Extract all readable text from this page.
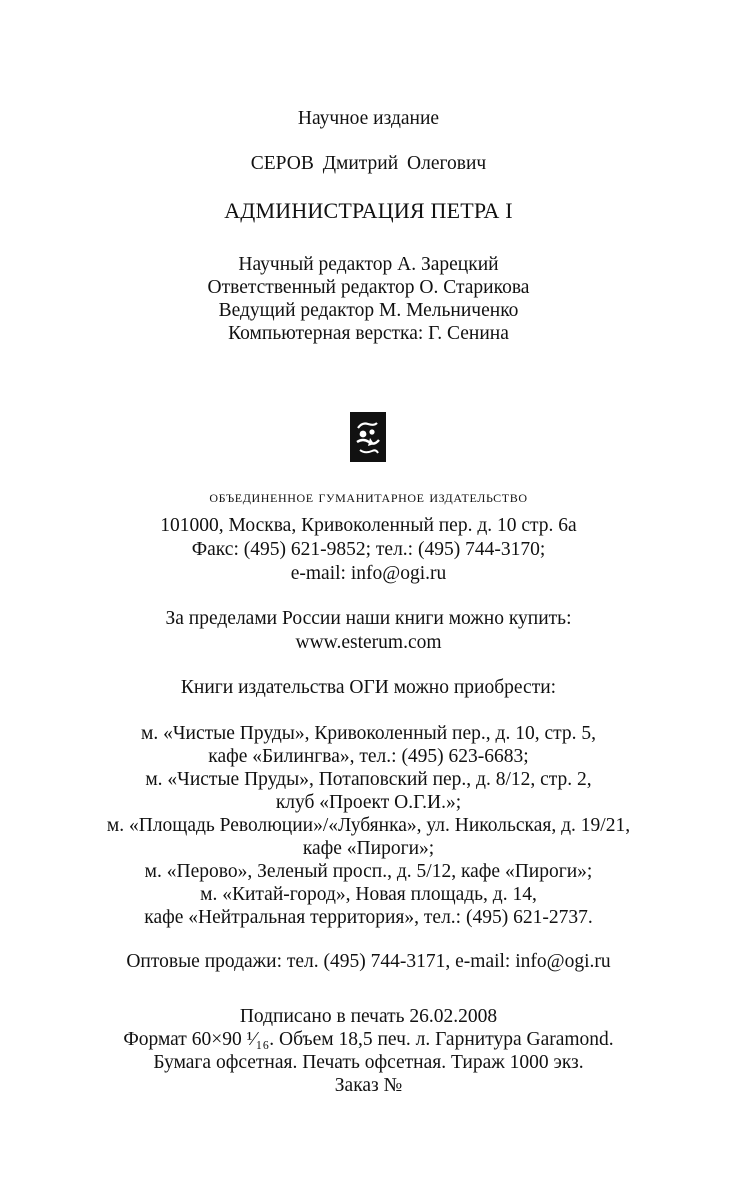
Научное издание

СЕРОВ Дмитрий Олегович

АДМИНИСТРАЦИЯ ПЕТРА I

Научный редактор А. Зарецкий

Ответственный редактор О. Старикова

Ведущий редактор М. Мельниченко

Компьютерная верстка: Г. Сенина

объединенное гуманитарное издательство

101000, Москва, Кривоколенный пер. д. 10 стр. 6а

Факс: (495) 621-9852; тел.: (495) 744-3170;

e-mail: info@ogi.ru

За пределами России наши книги можно купить:

www.esterum.com

Книги издательства ОГИ можно приобрести:

м. «Чистые Пруды», Кривоколенный пер., д. 10, стр. 5,

кафе «Билингва», тел.: (495) 623-6683;

м. «Чистые Пруды», Потаповский пер., д. 8/12, стр. 2,

клуб «Проект О.Г.И.»;

м. «Площадь Революции»/«Лубянка», ул. Никольская, д. 19/21,

кафе «Пироги»;

м. «Перово», Зеленый просп., д. 5/12, кафе «Пироги»;

м. «Китай-город», Новая площадь, д. 14,

кафе «Нейтральная территория», тел.: (495) 621-2737.

Оптовые продажи: тел. (495) 744-3171, e-mail: info@ogi.ru

Подписано в печать 26.02.2008

Формат 60×90 ¹⁄₁₆. Объем 18,5 печ. л. Гарнитура Garamond.

Бумага офсетная. Печать офсетная. Тираж 1000 экз.

Заказ №
